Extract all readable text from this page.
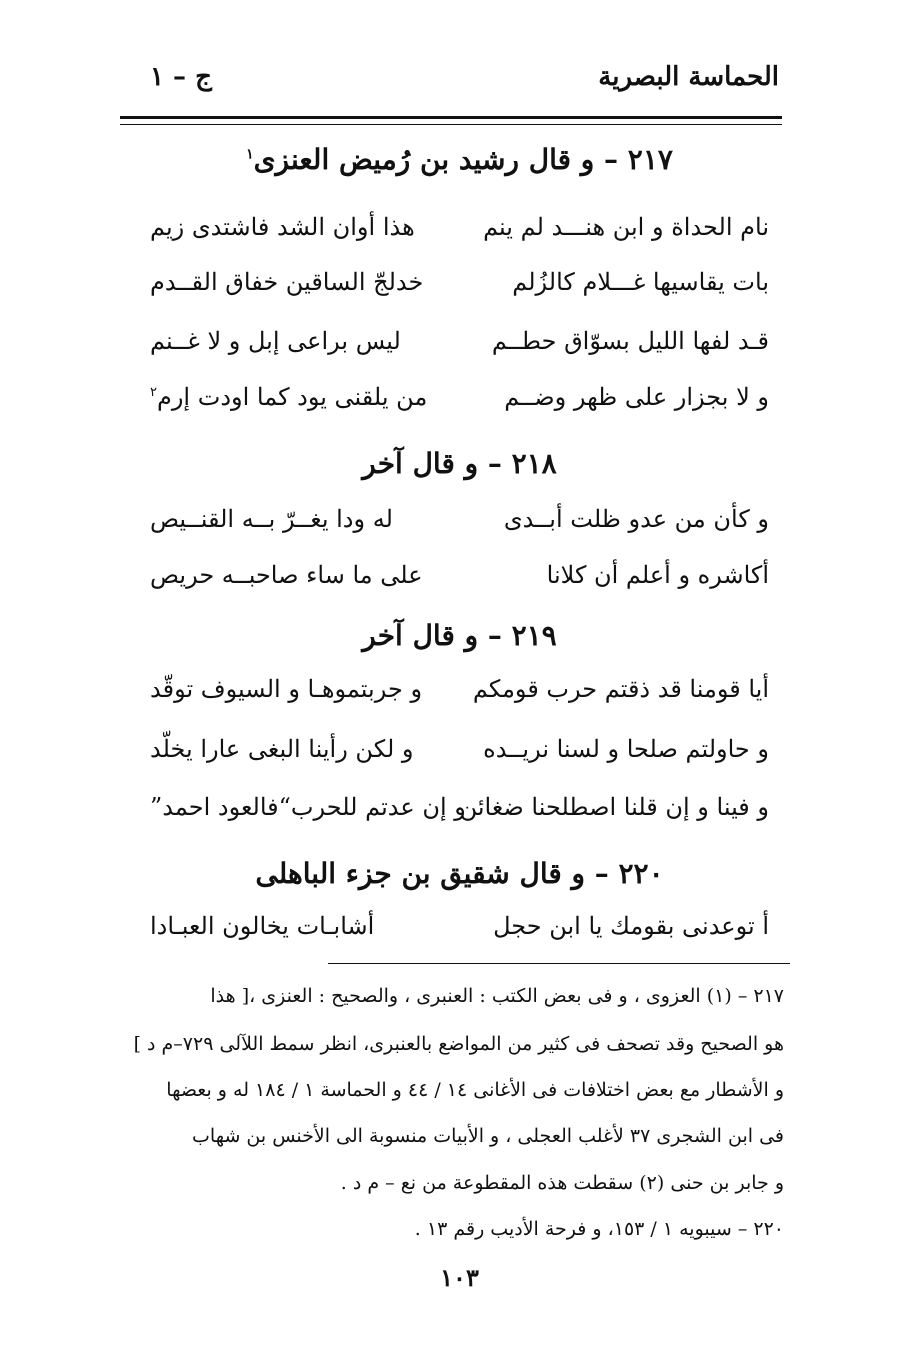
الحماسة البصرية
ج – ١
٢١٧ – و قال رشيد بن رُميض العنزى$^١$
نام الحداة و ابن هنـــد لم ينم
هذا أوان الشد فاشتدى زيم
بات يقاسيها غـــلام كالزُلم
خدلجّ الساقين خفاق القــدم
قـد لفها الليل بسوّاق حطــم
ليس براعى إبل و لا غــنم
و لا بجزار على ظهر وضــم
من يلقنى يود كما اودت إرم$^٢$
٢١٨ – و قال آخر
و كأن من عدو ظلت أبــدى
له ودا يغــرّ بــه القنــيص
أكاشره و أعلم أن كلانا
على ما ساء صاحبــه حريص
٢١٩ – و قال آخر
أيا قومنا قد ذقتم حرب قومكم
و جربتموهـا و السيوف توقّد
و حاولتم صلحا و لسنا نريــده
و لكن رأينا البغى عارا يخلّد
و فينا و إن قلنا اصطلحنا ضغائن
و إن عدتم للحرب“فالعود احمد”
٢٢٠ – و قال شقيق بن جزء الباهلى
أ توعدنى بقومك يا ابن حجل
أشابـات يخالون العبـادا
٢١٧ – (١) العزوى ، و فى بعض الكتب : العنبرى ، والصحيح : العنزى ،[ هذا
هو الصحيح وقد تصحف فى كثير من المواضع بالعنبرى، انظر سمط اللآلى ٧٢٩–م د ]
و الأشطار مع بعض اختلافات فى الأغانى ١٤ / ٤٤ و الحماسة ١ / ١٨٤ له و بعضها
فى ابن الشجرى ٣٧ لأغلب العجلى ، و الأبيات منسوبة الى الأخنس بن شهاب
و جابر بن حنى (٢) سقطت هذه المقطوعة من نع – م د .
٢٢٠ – سيبويه ١ / ١٥٣، و فرحة الأديب رقم ١٣ .
١٠٣
